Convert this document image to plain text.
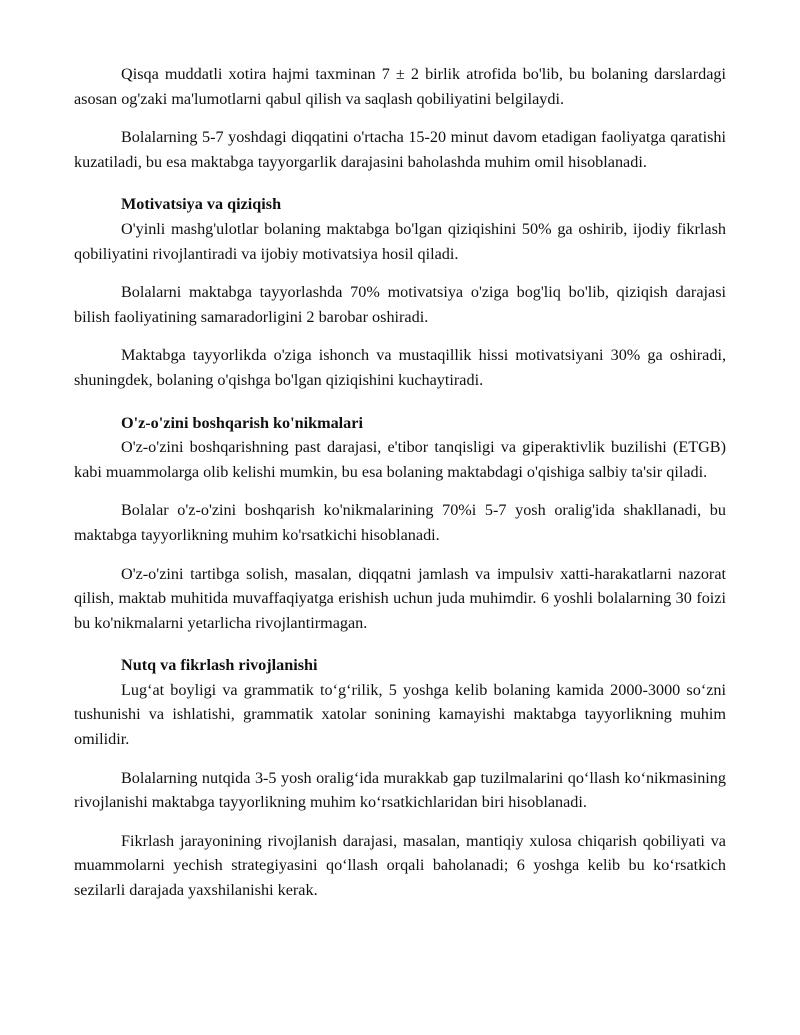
Qisqa muddatli xotira hajmi taxminan 7 ± 2 birlik atrofida bo'lib, bu bolaning darslardagi asosan og'zaki ma'lumotlarni qabul qilish va saqlash qobiliyatini belgilaydi.

Bolalarning 5-7 yoshdagi diqqatini o'rtacha 15-20 minut davom etadigan faoliyatga qaratishi kuzatiladi, bu esa maktabga tayyorgarlik darajasini baholashda muhim omil hisoblanadi.

Motivatsiya va qiziqish

O'yinli mashg'ulotlar bolaning maktabga bo'lgan qiziqishini 50% ga oshirib, ijodiy fikrlash qobiliyatini rivojlantiradi va ijobiy motivatsiya hosil qiladi.

Bolalarni maktabga tayyorlashda 70% motivatsiya o'ziga bog'liq bo'lib, qiziqish darajasi bilish faoliyatining samaradorligini 2 barobar oshiradi.

Maktabga tayyorlikda o'ziga ishonch va mustaqillik hissi motivatsiyani 30% ga oshiradi, shuningdek, bolaning o'qishga bo'lgan qiziqishini kuchaytiradi.

O'z-o'zini boshqarish ko'nikmalari

O'z-o'zini boshqarishning past darajasi, e'tibor tanqisligi va giperaktivlik buzilishi (ETGB) kabi muammolarga olib kelishi mumkin, bu esa bolaning maktabdagi o'qishiga salbiy ta'sir qiladi.

Bolalar o'z-o'zini boshqarish ko'nikmalarining 70%i 5-7 yosh oralig'ida shakllanadi, bu maktabga tayyorlikning muhim ko'rsatkichi hisoblanadi.

O'z-o'zini tartibga solish, masalan, diqqatni jamlash va impulsiv xatti-harakatlarni nazorat qilish, maktab muhitida muvaffaqiyatga erishish uchun juda muhimdir. 6 yoshli bolalarning 30 foizi bu ko'nikmalarni yetarlicha rivojlantirmagan.

Nutq va fikrlash rivojlanishi

Lug‘at boyligi va grammatik to‘g‘rilik, 5 yoshga kelib bolaning kamida 2000-3000 so‘zni tushunishi va ishlatishi, grammatik xatolar sonining kamayishi maktabga tayyorlikning muhim omilidir.

Bolalarning nutqida 3-5 yosh oralig‘ida murakkab gap tuzilmalarini qo‘llash ko‘nikmasining rivojlanishi maktabga tayyorlikning muhim ko‘rsatkichlaridan biri hisoblanadi.

Fikrlash jarayonining rivojlanish darajasi, masalan, mantiqiy xulosa chiqarish qobiliyati va muammolarni yechish strategiyasini qo‘llash orqali baholanadi; 6 yoshga kelib bu ko‘rsatkich sezilarli darajada yaxshilanishi kerak.
